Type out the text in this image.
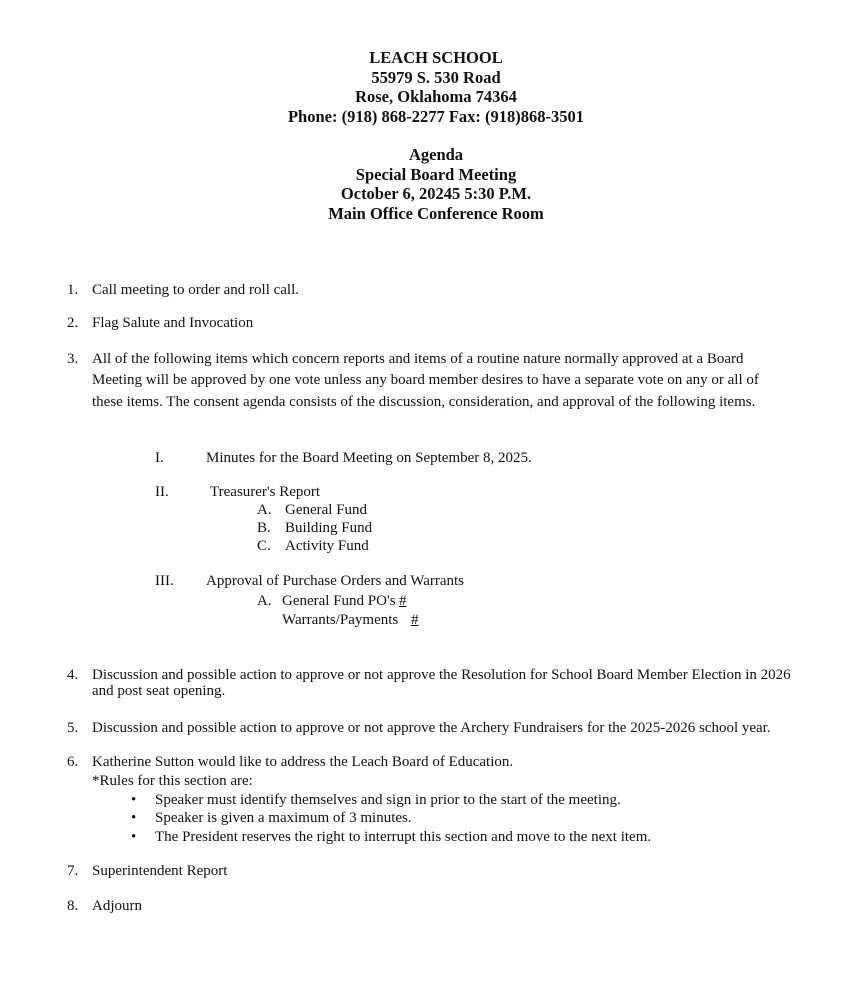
LEACH SCHOOL
55979 S. 530 Road
Rose, Oklahoma 74364
Phone: (918) 868-2277 Fax: (918)868-3501
Agenda
Special Board Meeting
October 6, 20245 5:30 P.M.
Main Office Conference Room
1. Call meeting to order and roll call.
2. Flag Salute and Invocation
3. All of the following items which concern reports and items of a routine nature normally approved at a Board
Meeting will be approved by one vote unless any board member desires to have a separate vote on any or all of
these items. The consent agenda consists of the discussion, consideration, and approval of the following items.
I.	Minutes for the Board Meeting on September 8, 2025.
II.	Treasurer's Report
A. General Fund
B. Building Fund
C. Activity Fund
III. Approval of Purchase Orders and Warrants
A. General Fund PO's #
Warrants/Payments #
4. Discussion and possible action to approve or not approve the Resolution for School Board Member Election in 2026
and post seat opening.
5. Discussion and possible action to approve or not approve the Archery Fundraisers for the 2025-2026 school year.
6. Katherine Sutton would like to address the Leach Board of Education.
*Rules for this section are:
• Speaker must identify themselves and sign in prior to the start of the meeting.
• Speaker is given a maximum of 3 minutes.
• The President reserves the right to interrupt this section and move to the next item.
7. Superintendent Report
8. Adjourn
